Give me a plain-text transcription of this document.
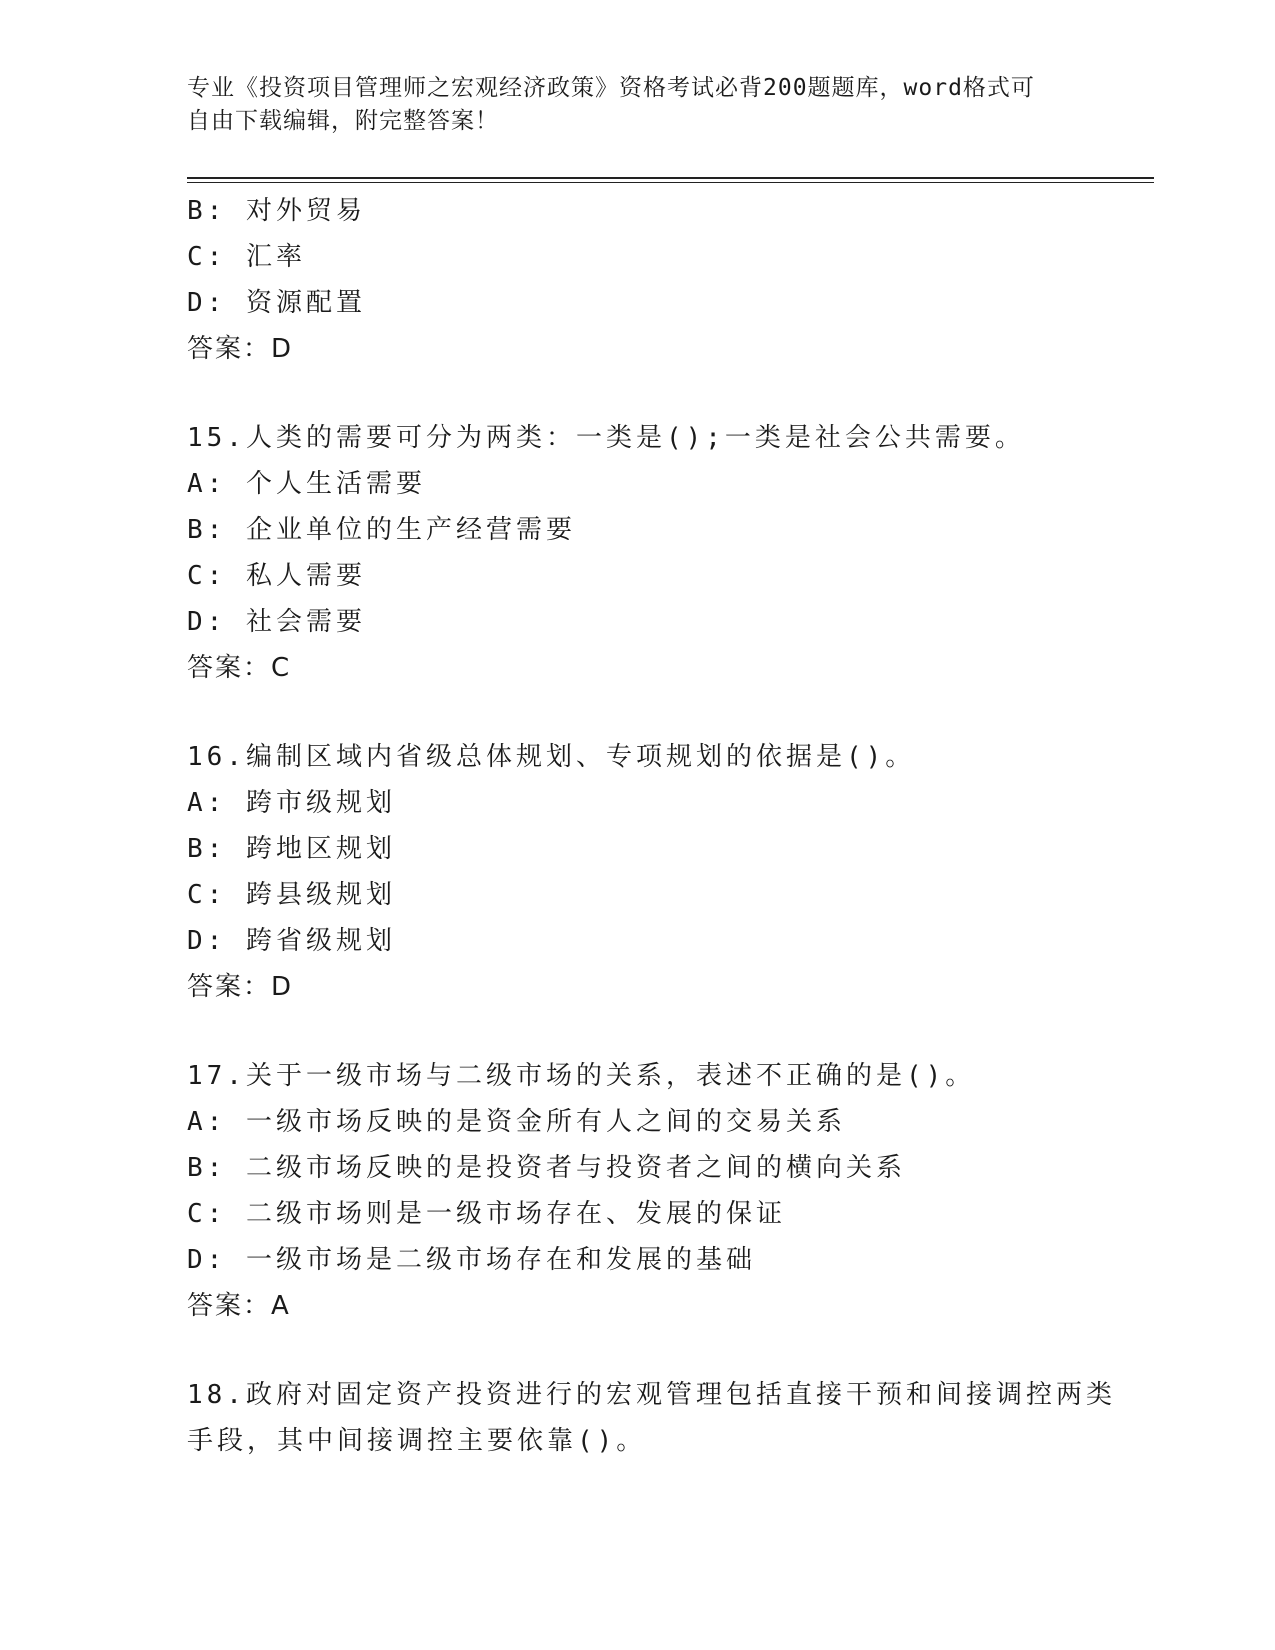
专业《投资项目管理师之宏观经济政策》资格考试必背200题题库，word格式可
自由下载编辑，附完整答案！
B: 对外贸易
C: 汇率
D: 资源配置
答案：D
15.人类的需要可分为两类：一类是();一类是社会公共需要。
A: 个人生活需要
B: 企业单位的生产经营需要
C: 私人需要
D: 社会需要
答案：C
16.编制区域内省级总体规划、专项规划的依据是()。
A: 跨市级规划
B: 跨地区规划
C: 跨县级规划
D: 跨省级规划
答案：D
17.关于一级市场与二级市场的关系，表述不正确的是()。
A: 一级市场反映的是资金所有人之间的交易关系
B: 二级市场反映的是投资者与投资者之间的横向关系
C: 二级市场则是一级市场存在、发展的保证
D: 一级市场是二级市场存在和发展的基础
答案：A
18.政府对固定资产投资进行的宏观管理包括直接干预和间接调控两类
手段，其中间接调控主要依靠()。
